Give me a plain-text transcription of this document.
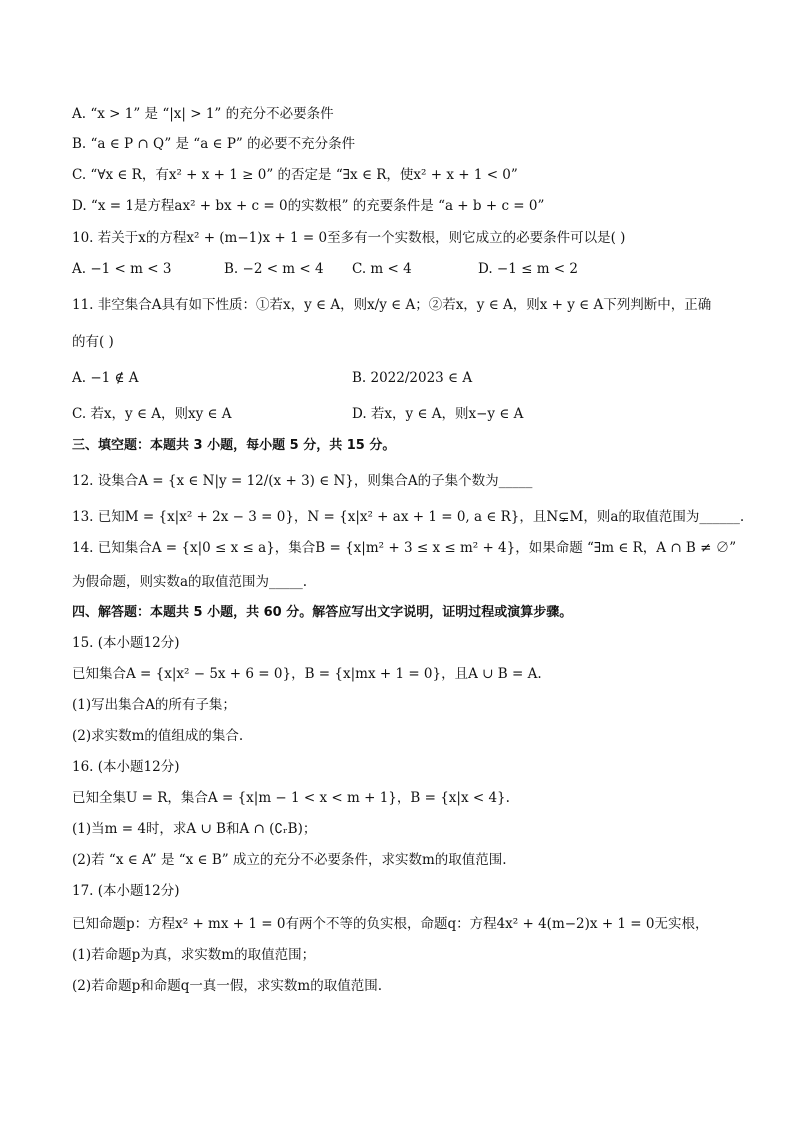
A. “x > 1” 是 “|x| > 1” 的充分不必要条件
B. “a ∈ P ∩ Q” 是 “a ∈ P” 的必要不充分条件
C. “∀x ∈ R，有x² + x + 1 ≥ 0” 的否定是 “∃x ∈ R，使x² + x + 1 < 0”
D. “x = 1是方程ax² + bx + c = 0的实数根” 的充要条件是 “a + b + c = 0”
10. 若关于x的方程x² + (m−1)x + 1 = 0至多有一个实数根，则它成立的必要条件可以是( )
A. −1 < m < 3	B. −2 < m < 4 C. m < 4	D. −1 ≤ m < 2
11. 非空集合A具有如下性质：①若x，y ∈ A，则x/y ∈ A；②若x，y ∈ A，则x + y ∈ A下列判断中，正确
的有( )
A. −1 ∉ A	B. 2022/2023 ∈ A
C. 若x，y ∈ A，则xy ∈ A	D. 若x，y ∈ A，则x−y ∈ A
三、填空题：本题共 3 小题，每小题 5 分，共 15 分。
12. 设集合A = {x ∈ N|y = 12/(x + 3) ∈ N}，则集合A的子集个数为_____
13. 已知M = {x|x² + 2x − 3 = 0}，N = {x|x² + ax + 1 = 0, a ∈ R}，且N⊊M，则a的取值范围为______.
14. 已知集合A = {x|0 ≤ x ≤ a}，集合B = {x|m² + 3 ≤ x ≤ m² + 4}，如果命题 “∃m ∈ R，A ∩ B ≠ ∅”
为假命题，则实数a的取值范围为_____.
四、解答题：本题共 5 小题，共 60 分。解答应写出文字说明，证明过程或演算步骤。
15. (本小题12分)
已知集合A = {x|x² − 5x + 6 = 0}，B = {x|mx + 1 = 0}，且A ∪ B = A.
(1)写出集合A的所有子集；
(2)求实数m的值组成的集合.
16. (本小题12分)
已知全集U = R，集合A = {x|m − 1 < x < m + 1}，B = {x|x < 4}.
(1)当m = 4时，求A ∪ B和A ∩ (∁ᵣB)；
(2)若 “x ∈ A” 是 “x ∈ B” 成立的充分不必要条件，求实数m的取值范围.
17. (本小题12分)
已知命题p：方程x² + mx + 1 = 0有两个不等的负实根，命题q：方程4x² + 4(m−2)x + 1 = 0无实根，
(1)若命题p为真，求实数m的取值范围；
(2)若命题p和命题q一真一假，求实数m的取值范围.
